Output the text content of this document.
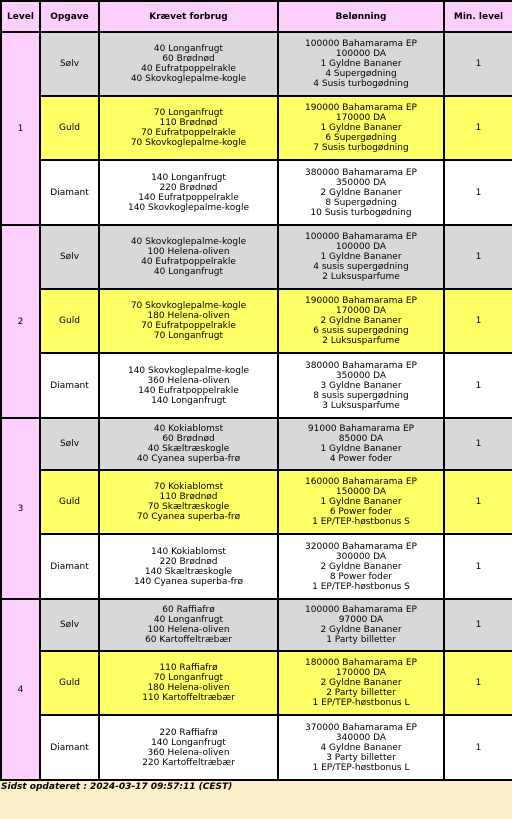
Level	Opgave	Krævet forbrug	Belønning	Min. level
1	Sølv	40 Longanfrugt
60 Brødnød
40 Eufratpoppelrakle
40 Skovkoglepalme-kogle	100000 Bahamarama EP
100000 DA
1 Gyldne Bananer
4 Supergødning
4 Susis turbogødning	1
	Guld	70 Longanfrugt
110 Brødnød
70 Eufratpoppelrakle
70 Skovkoglepalme-kogle	190000 Bahamarama EP
170000 DA
1 Gyldne Bananer
6 Supergødning
7 Susis turbogødning	1
	Diamant	140 Longanfrugt
220 Brødnød
140 Eufratpoppelrakle
140 Skovkoglepalme-kogle	380000 Bahamarama EP
350000 DA
2 Gyldne Bananer
8 Supergødning
10 Susis turbogødning	1
2	Sølv	40 Skovkoglepalme-kogle
100 Helena-oliven
40 Eufratpoppelrakle
40 Longanfrugt	100000 Bahamarama EP
100000 DA
1 Gyldne Bananer
4 susis supergødning
2 Luksusparfume	1
	Guld	70 Skovkoglepalme-kogle
180 Helena-oliven
70 Eufratpoppelrakle
70 Longanfrugt	190000 Bahamarama EP
170000 DA
2 Gyldne Bananer
6 susis supergødning
2 Luksusparfume	1
	Diamant	140 Skovkoglepalme-kogle
360 Helena-oliven
140 Eufratpoppelrakle
140 Longanfrugt	380000 Bahamarama EP
350000 DA
3 Gyldne Bananer
8 susis supergødning
3 Luksusparfume	1
3	Sølv	40 Kokiablomst
60 Brødnød
40 Skæltræskogle
40 Cyanea superba-frø	91000 Bahamarama EP
85000 DA
1 Gyldne Bananer
4 Power foder	1
	Guld	70 Kokiablomst
110 Brødnød
70 Skæltræskogle
70 Cyanea superba-frø	160000 Bahamarama EP
150000 DA
1 Gyldne Bananer
6 Power foder
1 EP/TEP-høstbonus S	1
	Diamant	140 Kokiablomst
220 Brødnød
140 Skæltræskogle
140 Cyanea superba-frø	320000 Bahamarama EP
300000 DA
2 Gyldne Bananer
8 Power foder
1 EP/TEP-høstbonus S	1
4	Sølv	60 Raffiafrø
40 Longanfrugt
100 Helena-oliven
60 Kartoffeltræbær	100000 Bahamarama EP
97000 DA
2 Gyldne Bananer
1 Party billetter	1
	Guld	110 Raffiafrø
70 Longanfrugt
180 Helena-oliven
110 Kartoffeltræbær	180000 Bahamarama EP
170000 DA
2 Gyldne Bananer
2 Party billetter
1 EP/TEP-høstbonus L	1
	Diamant	220 Raffiafrø
140 Longanfrugt
360 Helena-oliven
220 Kartoffeltræbær	370000 Bahamarama EP
340000 DA
4 Gyldne Bananer
3 Party billetter
1 EP/TEP-høstbonus L	1
Sidst opdateret : 2024-03-17 09:57:11 (CEST)
